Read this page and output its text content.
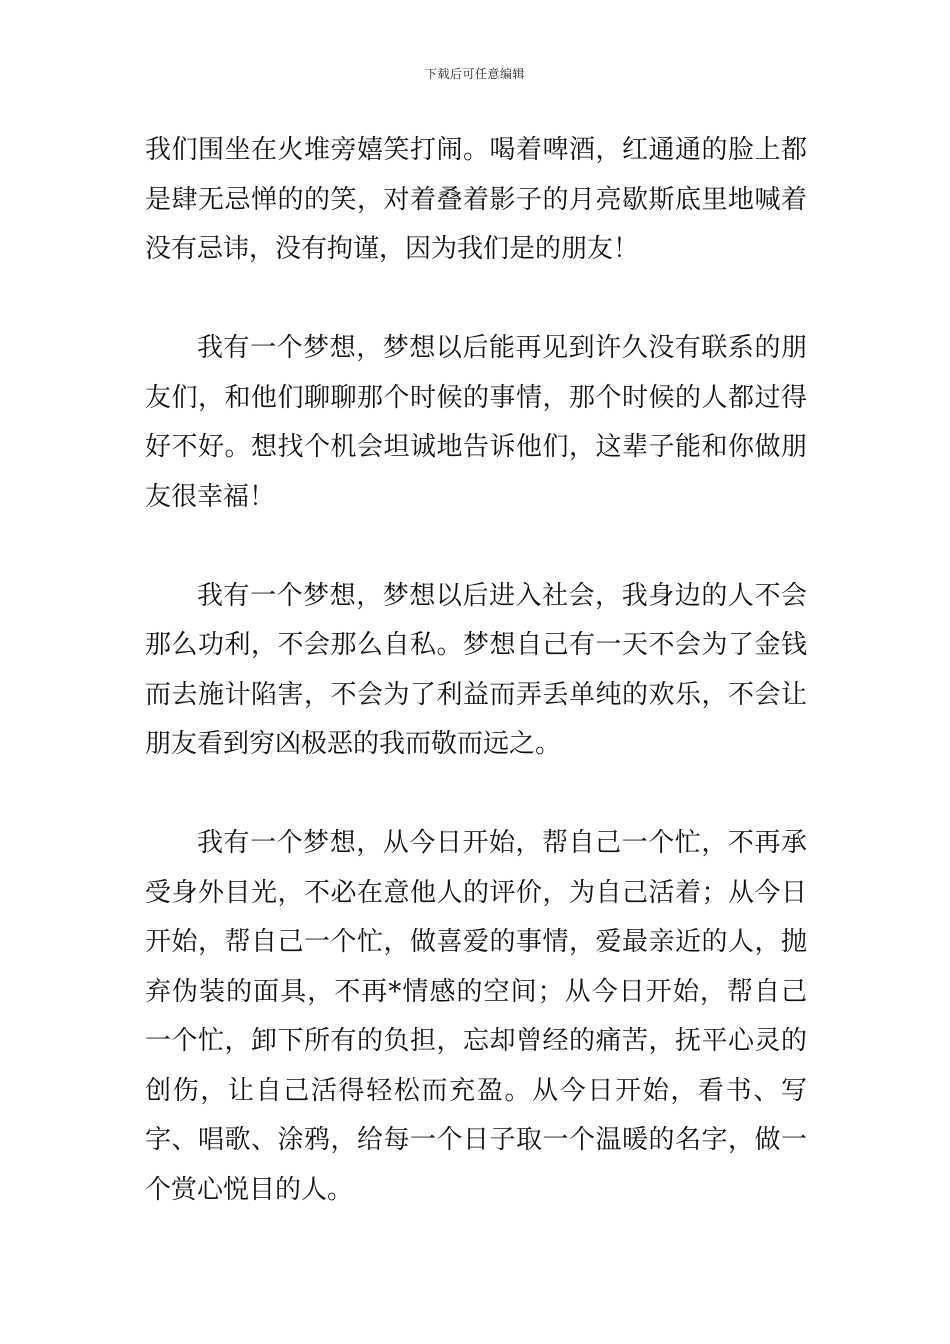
下载后可任意编辑

我们围坐在火堆旁嬉笑打闹。喝着啤酒，红通通的脸上都是肆无忌惮的的笑，对着叠着影子的月亮歇斯底里地喊着没有忌讳，没有拘谨，因为我们是的朋友！

我有一个梦想，梦想以后能再见到许久没有联系的朋友们，和他们聊聊那个时候的事情，那个时候的人都过得好不好。想找个机会坦诚地告诉他们，这辈子能和你做朋友很幸福！

我有一个梦想，梦想以后进入社会，我身边的人不会那么功利，不会那么自私。梦想自己有一天不会为了金钱而去施计陷害，不会为了利益而弄丢单纯的欢乐，不会让朋友看到穷凶极恶的我而敬而远之。

我有一个梦想，从今日开始，帮自己一个忙，不再承受身外目光，不必在意他人的评价，为自己活着；从今日开始，帮自己一个忙，做喜爱的事情，爱最亲近的人，抛弃伪装的面具，不再*情感的空间；从今日开始，帮自己一个忙，卸下所有的负担，忘却曾经的痛苦，抚平心灵的创伤，让自己活得轻松而充盈。从今日开始，看书、写字、唱歌、涂鸦，给每一个日子取一个温暖的名字，做一个赏心悦目的人。
